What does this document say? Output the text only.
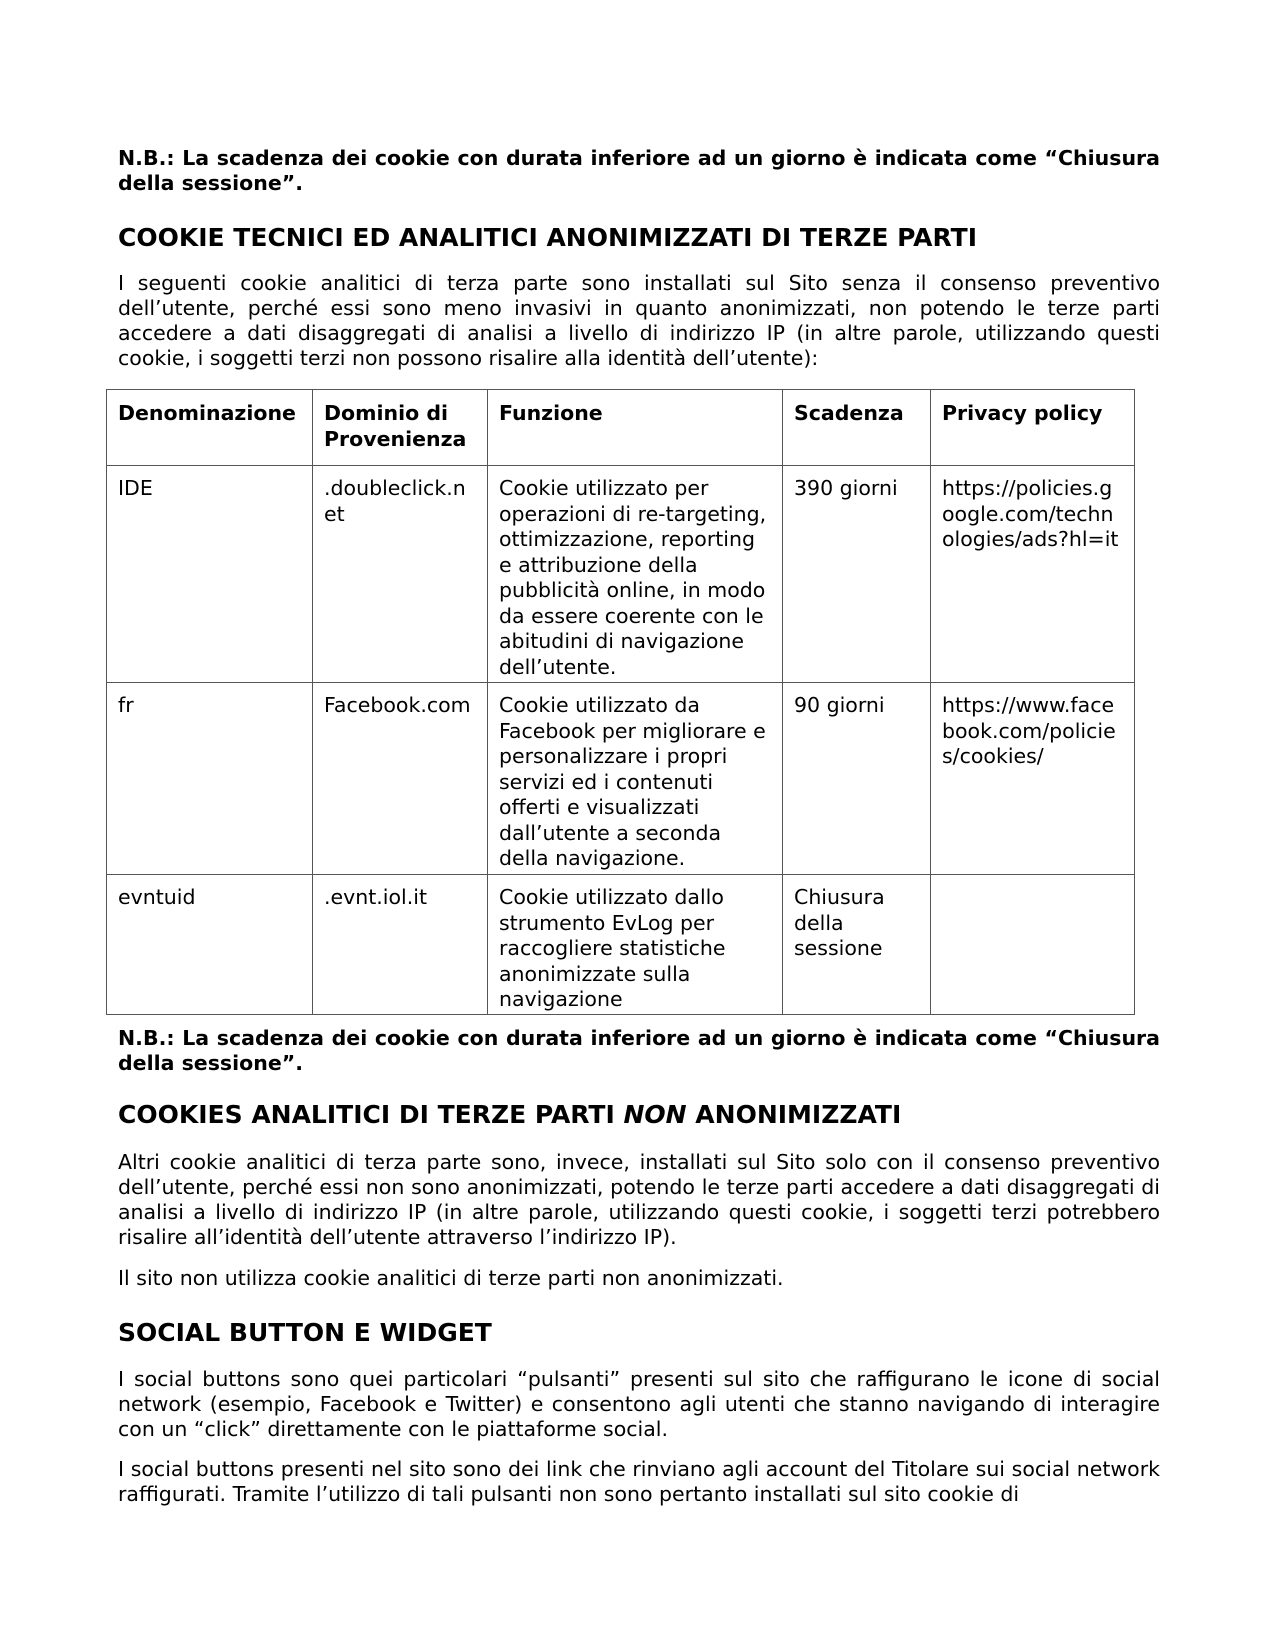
N.B.: La scadenza dei cookie con durata inferiore ad un giorno è indicata come “Chiusura della sessione”.
COOKIE TECNICI ED ANALITICI ANONIMIZZATI DI TERZE PARTI

I seguenti cookie analitici di terza parte sono installati sul Sito senza il consenso preventivo dell’utente, perché essi sono meno invasivi in quanto anonimizzati, non potendo le terze parti accedere a dati disaggregati di analisi a livello di indirizzo IP (in altre parole, utilizzando questi cookie, i soggetti terzi non possono risalire alla identità dell’utente):

Denominazione	Dominio di Provenienza	Funzione	Scadenza	Privacy policy
IDE	.doubleclick.net	Cookie utilizzato per operazioni di re-targeting, ottimizzazione, reporting e attribuzione della pubblicità online, in modo da essere coerente con le abitudini di navigazione dell’utente.	390 giorni	https://policies.google.com/technologies/ads?hl=it
fr	Facebook.com	Cookie utilizzato da Facebook per migliorare e personalizzare i propri servizi ed i contenuti offerti e visualizzati dall’utente a seconda della navigazione.	90 giorni	https://www.facebook.com/policies/cookies/
evntuid	.evnt.iol.it	Cookie utilizzato dallo strumento EvLog per raccogliere statistiche anonimizzate sulla navigazione	Chiusura della sessione	
N.B.: La scadenza dei cookie con durata inferiore ad un giorno è indicata come “Chiusura della sessione”.
COOKIES ANALITICI DI TERZE PARTI NON ANONIMIZZATI

Altri cookie analitici di terza parte sono, invece, installati sul Sito solo con il consenso preventivo dell’utente, perché essi non sono anonimizzati, potendo le terze parti accedere a dati disaggregati di analisi a livello di indirizzo IP (in altre parole, utilizzando questi cookie, i soggetti terzi potrebbero risalire all’identità dell’utente attraverso l’indirizzo IP).

Il sito non utilizza cookie analitici di terze parti non anonimizzati.

SOCIAL BUTTON E WIDGET

I social buttons sono quei particolari “pulsanti” presenti sul sito che raffigurano le icone di social network (esempio, Facebook e Twitter) e consentono agli utenti che stanno navigando di interagire con un “click” direttamente con le piattaforme social.

I social buttons presenti nel sito sono dei link che rinviano agli account del Titolare sui social network raffigurati. Tramite l’utilizzo di tali pulsanti non sono pertanto installati sul sito cookie di
